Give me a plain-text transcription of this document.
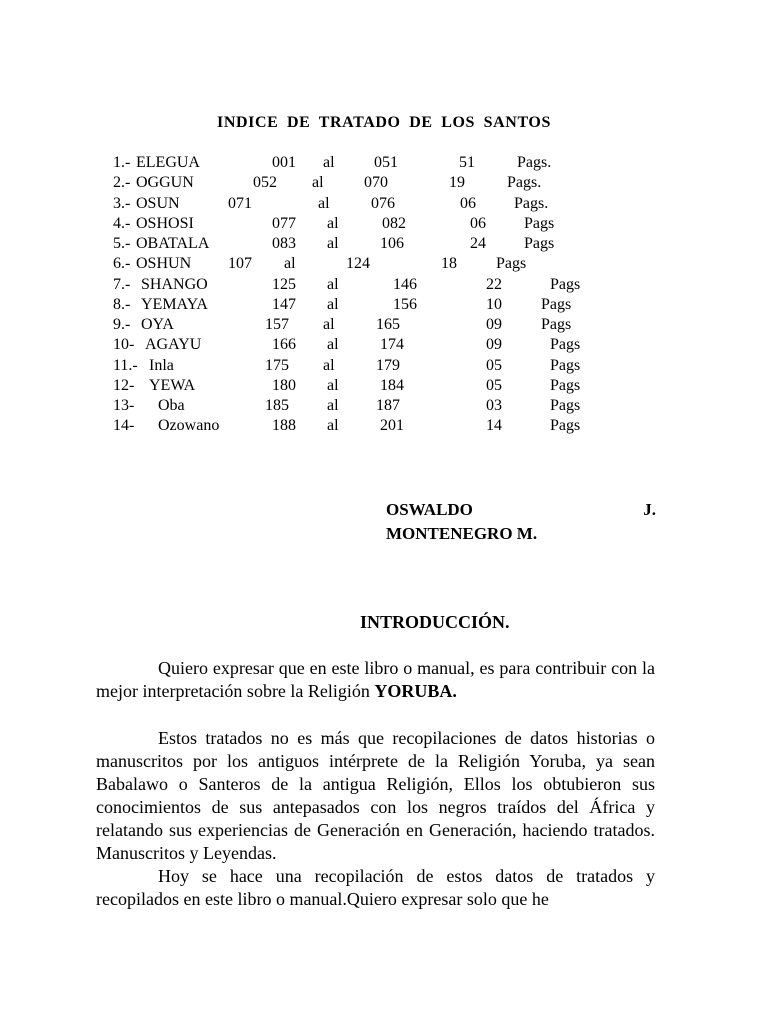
INDICE DE TRATADO DE LOS SANTOS
1.- ELEGUA	001 al 051	51	Pags.
2.- OGGUN	052 al	070	19	Pags.
3.- OSUN	071	al	076	06 Pags.
4.- OSHOSI	077 al	082	06 Pags
5.- OBATALA	083 al	106	24 Pags
6.- OSHUN 107 al	124	18 Pags
7.- SHANGO	125 al	146	22	Pags
8.- YEMAYA	147 al	156	10 Pags
9.- OYA	157 al	165	09 Pags
10- AGAYU	166 al	174	09	Pags
11.- Inla	175 al	179	05	Pags
12- YEWA	180 al	184	05	Pags
13- Oba	185 al 187	03	Pags
14- Ozowano	188 al	201	14	Pags
OSWALDO	J.
MONTENEGRO M.
INTRODUCCIÓN.

Quiero expresar que en este libro o manual, es para contribuir con la mejor interpretación sobre la Religión YORUBA.

Estos tratados no es más que recopilaciones de datos historias o manuscritos por los antiguos intérprete de la Religión Yoruba, ya sean Babalawo o Santeros de la antigua Religión, Ellos los obtubieron sus conocimientos de sus antepasados con los negros traídos del África y relatando sus experiencias de Generación en Generación, haciendo tratados. Manuscritos y Leyendas.

Hoy se hace una recopilación de estos datos de tratados y recopilados en este libro o manual.Quiero expresar solo que he
